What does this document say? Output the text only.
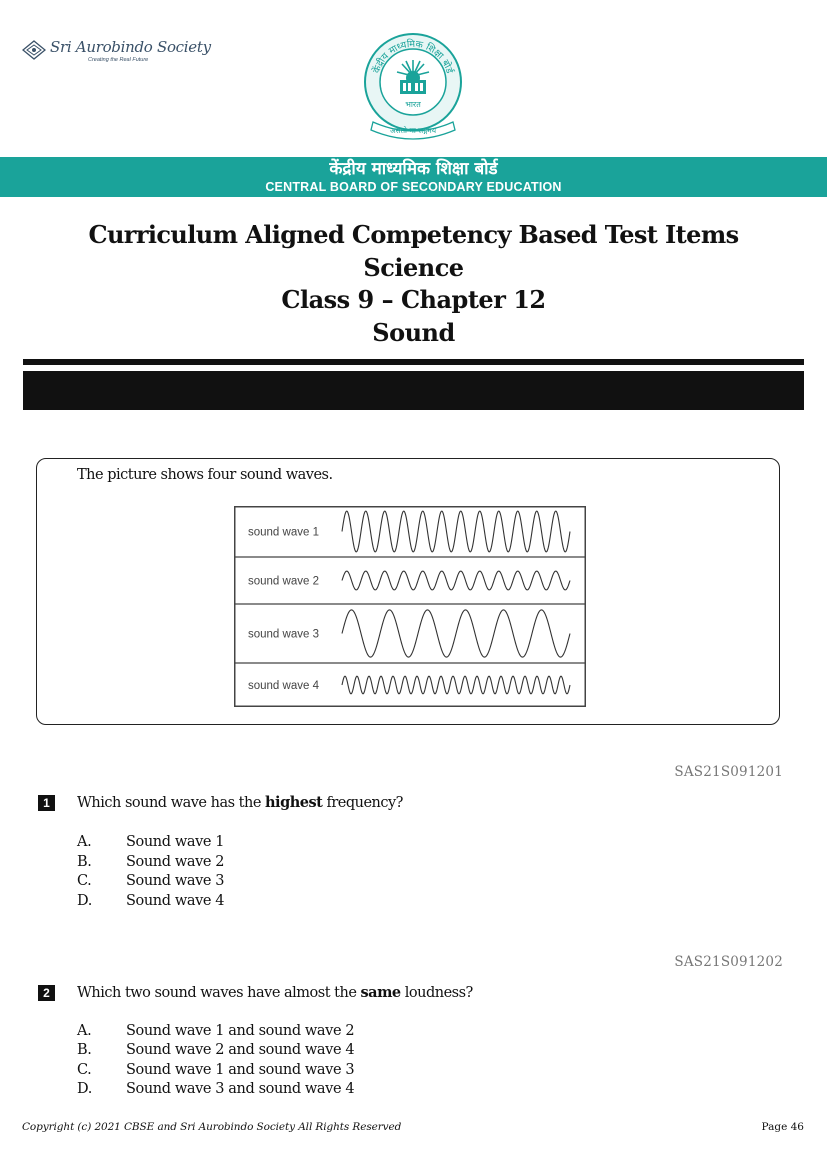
Sri Aurobindo Society
Creating the Real Future
केंद्रीय माध्यमिक शिक्षा बोर्ड
भारत
असतो मा सद्गमय
केंद्रीय माध्यमिक शिक्षा बोर्ड
CENTRAL BOARD OF SECONDARY EDUCATION
Curriculum Aligned Competency Based Test Items
Science
Class 9 – Chapter 12
Sound
The picture shows four sound waves.
sound wave 1
sound wave 2
sound wave 3
sound wave 4
SAS21S091201
1	Which sound wave has the highest frequency?
A. Sound wave 1
B. Sound wave 2
C. Sound wave 3
D. Sound wave 4
SAS21S091202
2	Which two sound waves have almost the same loudness?
A. Sound wave 1 and sound wave 2
B. Sound wave 2 and sound wave 4
C. Sound wave 1 and sound wave 3
D. Sound wave 3 and sound wave 4
Copyright (c) 2021 CBSE and Sri Aurobindo Society All Rights Reserved	Page 46
